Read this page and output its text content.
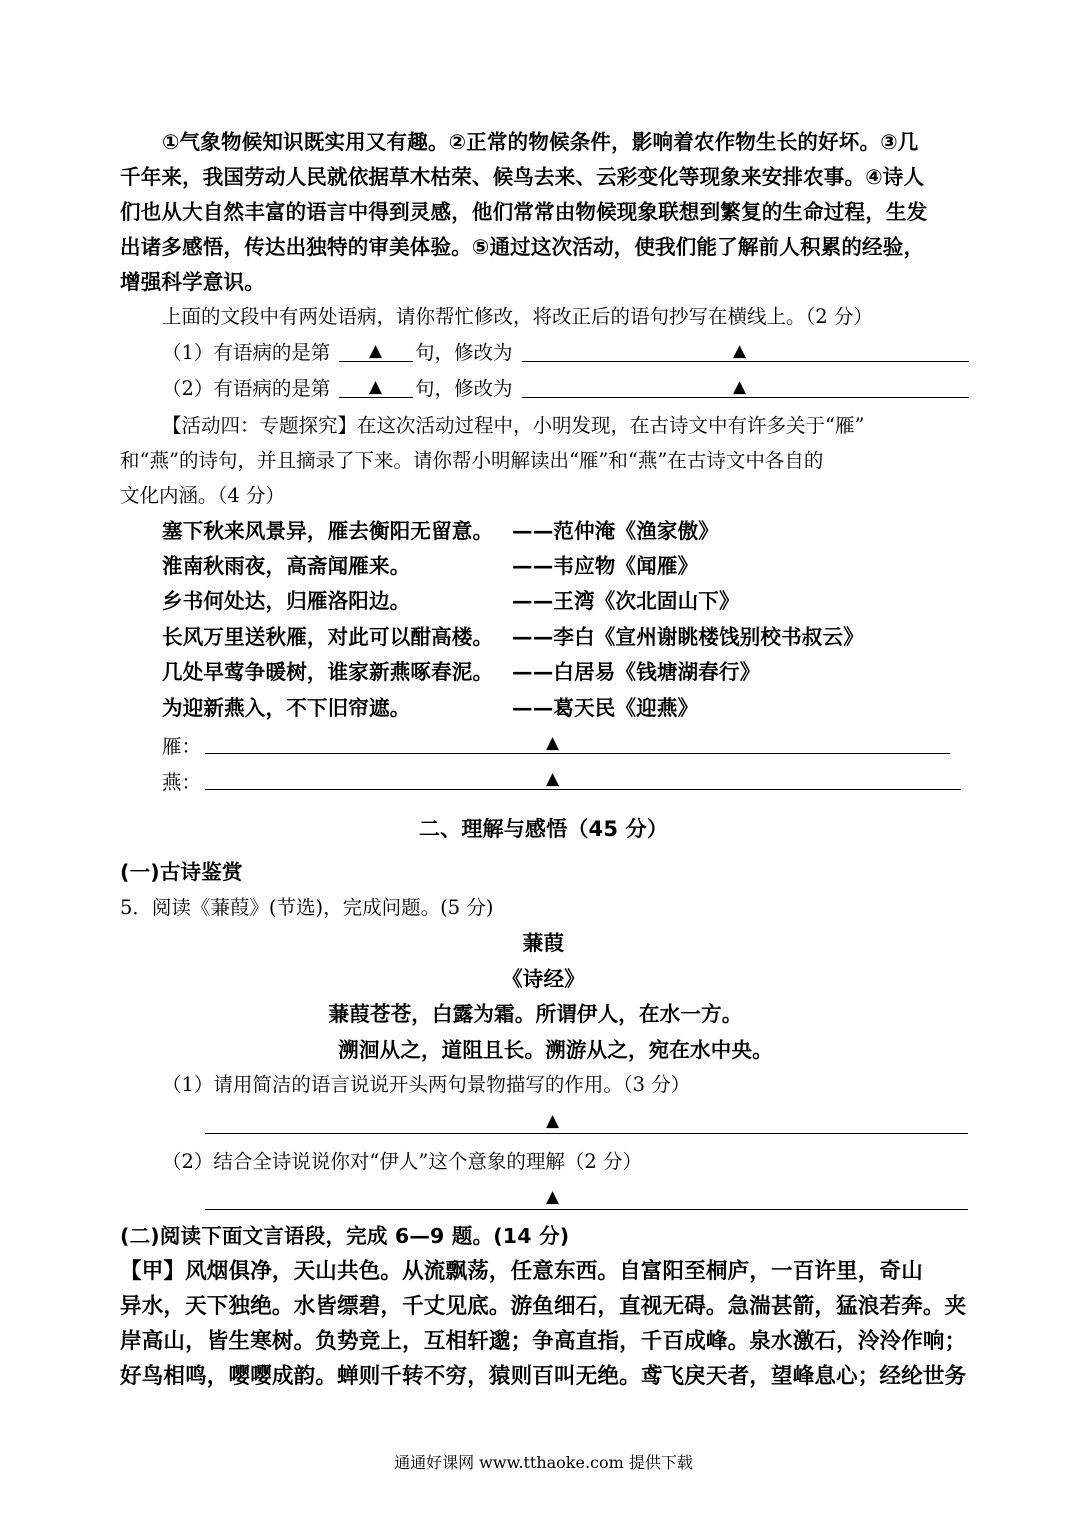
①气象物候知识既实用又有趣。②正常的物候条件，影响着农作物生长的好坏。③几
千年来，我国劳动人民就依据草木枯荣、候鸟去来、云彩变化等现象来安排农事。④诗人
们也从大自然丰富的语言中得到灵感，他们常常由物候现象联想到繁复的生命过程，生发
出诸多感悟，传达出独特的审美体验。⑤通过这次活动，使我们能了解前人积累的经验，
增强科学意识。
上面的文段中有两处语病，请你帮忙修改，将改正后的语句抄写在横线上。（2 分）
（1）有语病的是第 ▲ 句，修改为	▲
（2）有语病的是第 ▲ 句，修改为	▲
【活动四：专题探究】在这次活动过程中，小明发现，在古诗文中有许多关于“雁”
和“燕”的诗句，并且摘录了下来。请你帮小明解读出“雁”和“燕”在古诗文中各自的
文化内涵。（4 分）
塞下秋来风景异，雁去衡阳无留意。 ——范仲淹《渔家傲》
淮南秋雨夜，高斋闻雁来。	——韦应物《闻雁》
乡书何处达，归雁洛阳边。	——王湾《次北固山下》
长风万里送秋雁，对此可以酣高楼。 ——李白《宣州谢眺楼饯别校书叔云》
几处早莺争暖树，谁家新燕啄春泥。 ——白居易《钱塘湖春行》
为迎新燕入，不下旧帘遮。	——葛天民《迎燕》
雁：	▲
燕：	▲
二、理解与感悟（45 分）
(一)古诗鉴赏
5．阅读《蒹葭》(节选)，完成问题。(5 分)
蒹葭
《诗经》
蒹葭苍苍，白露为霜。所谓伊人，在水一方。
溯洄从之，道阻且长。溯游从之，宛在水中央。
（1）请用简洁的语言说说开头两句景物描写的作用。（3 分）
▲
（2）结合全诗说说你对“伊人”这个意象的理解（2 分）
▲
(二)阅读下面文言语段，完成 6—9 题。(14 分)
【甲】风烟俱净，天山共色。从流飘荡，任意东西。自富阳至桐庐，一百许里，奇山
异水，天下独绝。水皆缥碧，千丈见底。游鱼细石，直视无碍。急湍甚箭，猛浪若奔。夹
岸高山，皆生寒树。负势竞上，互相轩邈；争高直指，千百成峰。泉水激石，泠泠作响；
好鸟相鸣，嘤嘤成韵。蝉则千转不穷，猿则百叫无绝。鸢飞戾天者，望峰息心；经纶世务
通通好课网 www.tthaoke.com 提供下载
